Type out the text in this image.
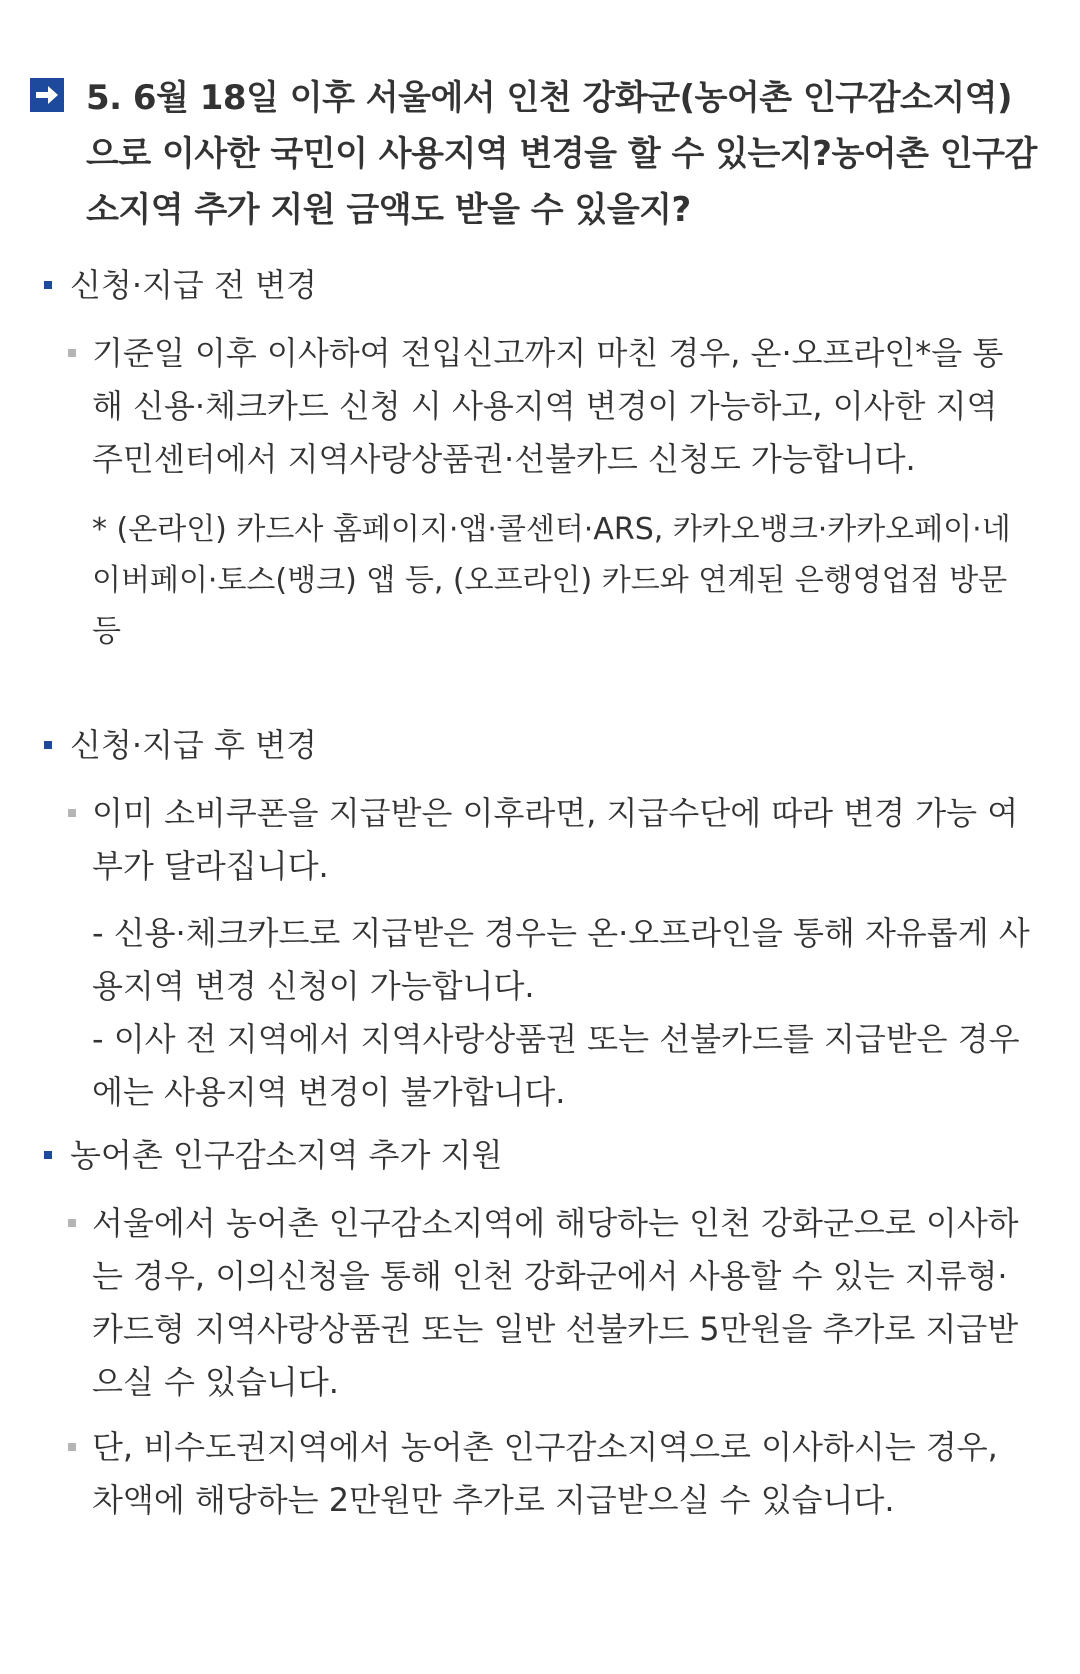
5. 6월 18일 이후 서울에서 인천 강화군(농어촌 인구감소지역)으로 이사한 국민이 사용지역 변경을 할 수 있는지?농어촌 인구감소지역 추가 지원 금액도 받을 수 있을지?
신청·지급 전 변경
기준일 이후 이사하여 전입신고까지 마친 경우, 온·오프라인*을 통해 신용·체크카드 신청 시 사용지역 변경이 가능하고, 이사한 지역 주민센터에서 지역사랑상품권·선불카드 신청도 가능합니다.
* (온라인) 카드사 홈페이지·앱·콜센터·ARS, 카카오뱅크·카카오페이·네이버페이·토스(뱅크) 앱 등, (오프라인) 카드와 연계된 은행영업점 방문 등
신청·지급 후 변경
이미 소비쿠폰을 지급받은 이후라면, 지급수단에 따라 변경 가능 여부가 달라집니다.
- 신용·체크카드로 지급받은 경우는 온·오프라인을 통해 자유롭게 사용지역 변경 신청이 가능합니다.
- 이사 전 지역에서 지역사랑상품권 또는 선불카드를 지급받은 경우에는 사용지역 변경이 불가합니다.
농어촌 인구감소지역 추가 지원
서울에서 농어촌 인구감소지역에 해당하는 인천 강화군으로 이사하는 경우, 이의신청을 통해 인천 강화군에서 사용할 수 있는 지류형·카드형 지역사랑상품권 또는 일반 선불카드 5만원을 추가로 지급받으실 수 있습니다.
단, 비수도권지역에서 농어촌 인구감소지역으로 이사하시는 경우, 차액에 해당하는 2만원만 추가로 지급받으실 수 있습니다.
